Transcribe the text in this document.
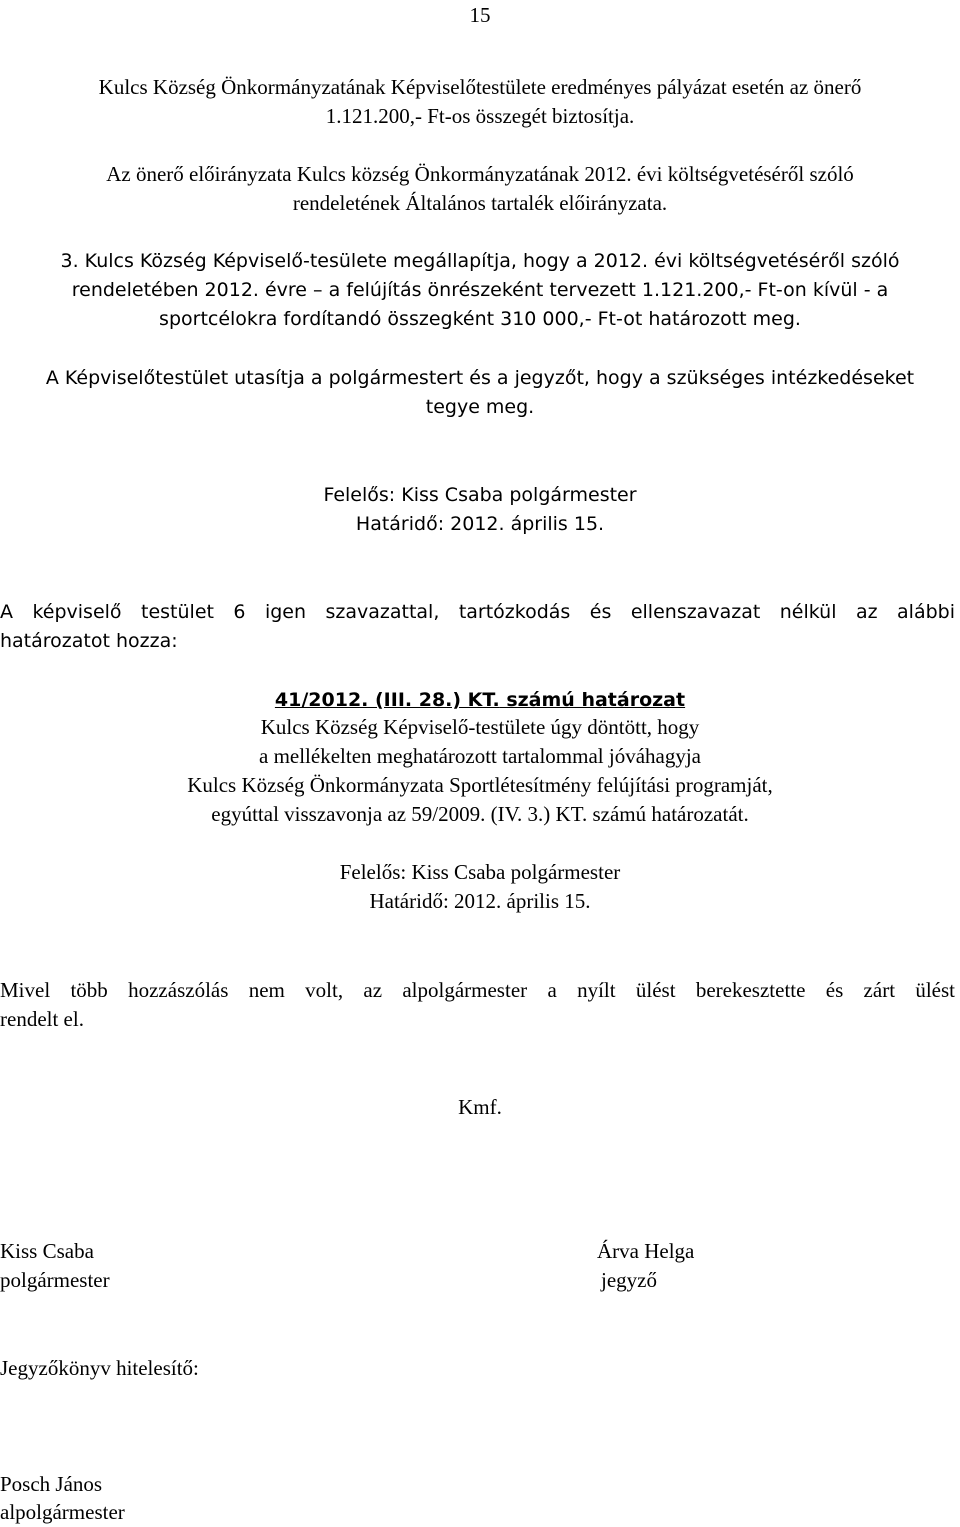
15
Kulcs Község Önkormányzatának Képviselőtestülete eredményes pályázat esetén az önerő
1.121.200,- Ft-os összegét biztosítja.
Az önerő előirányzata Kulcs község Önkormányzatának 2012. évi költségvetéséről szóló
rendeletének Általános tartalék előirányzata.
3. Kulcs Község Képviselő-tesülete megállapítja, hogy a 2012. évi költségvetéséről szóló
rendeletében 2012. évre – a felújítás önrészeként tervezett 1.121.200,- Ft-on kívül - a
sportcélokra fordítandó összegként 310 000,- Ft-ot határozott meg.
A Képviselőtestület utasítja a polgármestert és a jegyzőt, hogy a szükséges intézkedéseket
tegye meg.
Felelős: Kiss Csaba polgármester
Határidő: 2012. április 15.
A képviselő testület 6 igen szavazattal, tartózkodás és ellenszavazat nélkül az alábbi
határozatot hozza:
41/2012. (III. 28.) KT. számú határozat
Kulcs Község Képviselő-testülete úgy döntött, hogy
a mellékelten meghatározott tartalommal jóváhagyja
Kulcs Község Önkormányzata Sportlétesítmény felújítási programját,
egyúttal visszavonja az 59/2009. (IV. 3.) KT. számú határozatát.
Felelős: Kiss Csaba polgármester
Határidő: 2012. április 15.
Mivel több hozzászólás nem volt, az alpolgármester a nyílt ülést berekesztette és zárt ülést
rendelt el.
Kmf.
Kiss Csaba
polgármester
Árva Helga
jegyző
Jegyzőkönyv hitelesítő:
Posch János
alpolgármester
